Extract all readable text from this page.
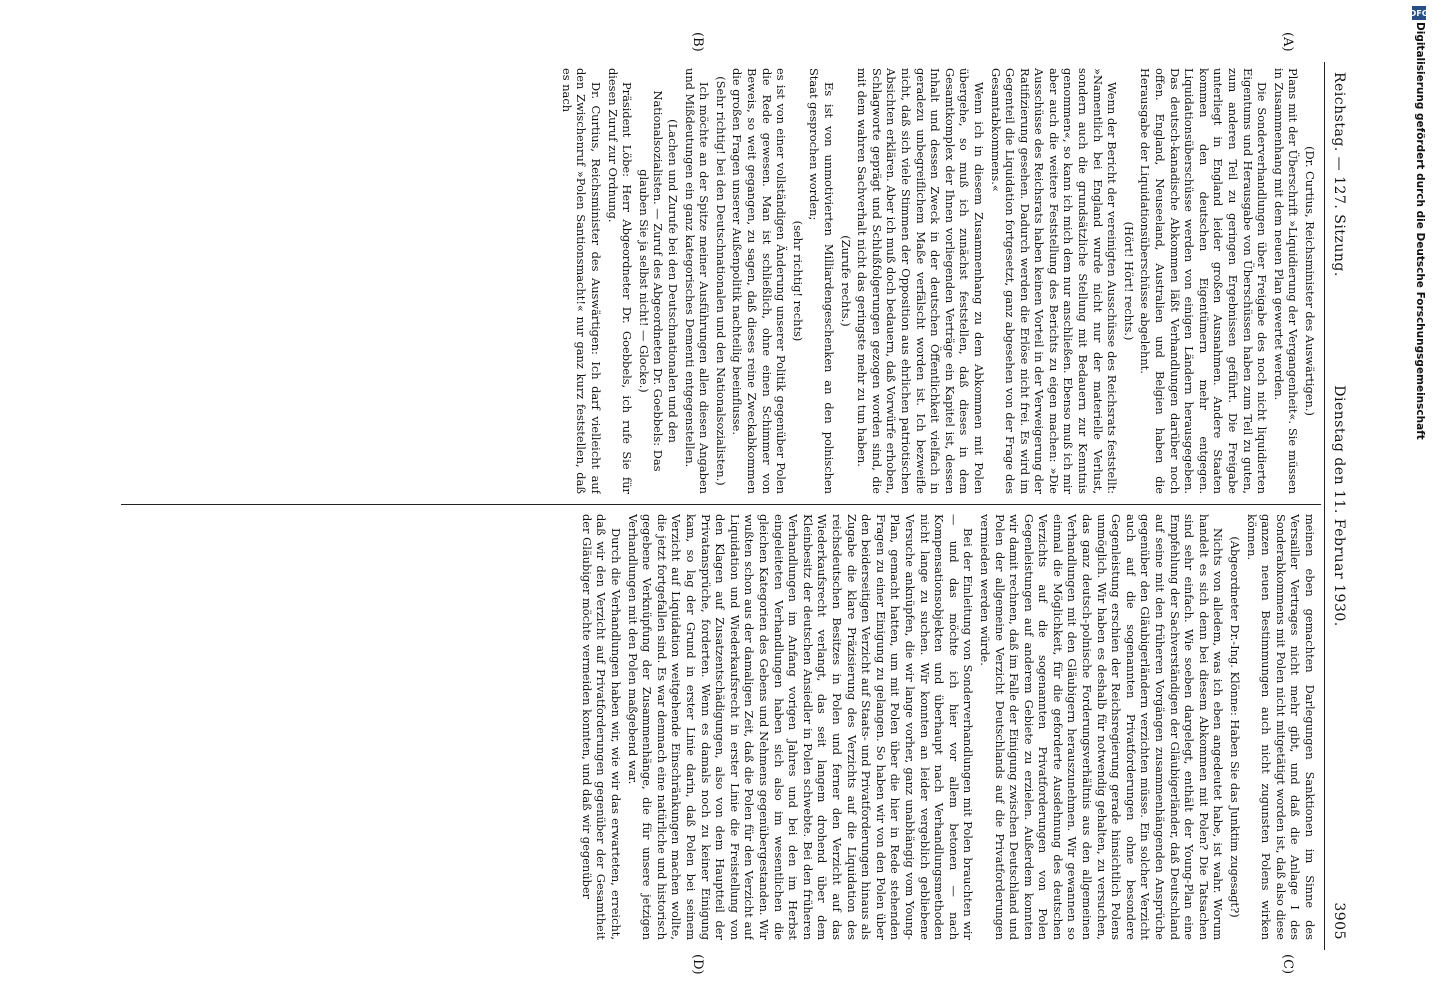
Reichstag. — 127. Sitzung.
Dienstag den 11. Februar 1930.
3905
(A)
(B)
(C)
(D)

(Dr. Curtius, Reichsminister des Auswärtigen.)

Plans mit der Überschrift »Liquidierung der Vergangenheit«. Sie müssen in Zusammenhang mit dem neuen Plan gewertet werden.

Die Sonderverhandlungen über Freigabe des noch nicht liquidierten Eigentums und Herausgabe von Überschüssen haben zum Teil zu guten, zum anderen Teil zu geringen Ergebnissen geführt. Die Freigabe unterliegt in England leider großen Ausnahmen. Andere Staaten kommen den deutschen Eigentümern mehr entgegen. Liquidationsüberschüsse werden von einigen Ländern herausgegeben. Das deutsch-kanadische Abkommen läßt Verhandlungen darüber noch offen. England, Neuseeland, Australien und Belgien haben die Herausgabe der Liquidationsüberschüsse abgelehnt.

(Hört! Hört! rechts.)

Wenn der Bericht der vereinigten Ausschüsse des Reichsrats feststellt: »Namentlich bei England wurde nicht nur der materielle Verlust, sondern auch die grundsätzliche Stellung mit Bedauern zur Kenntnis genommen«, so kann ich mich dem nur anschließen. Ebenso muß ich mir aber auch die weitere Feststellung des Berichts zu eigen machen: »Die Ausschüsse des Reichsrats haben keinen Vorteil in der Verweigerung der Ratifizierung gesehen. Dadurch werden die Erlöse nicht frei. Es wird im Gegenteil die Liquidation fortgesetzt, ganz abgesehen von der Frage des Gesamtabkommens.«

Wenn ich in diesem Zusammenhang zu dem Abkommen mit Polen übergehe, so muß ich zunächst feststellen, daß dieses in dem Gesamtkomplex der Ihnen vorliegenden Verträge ein Kapitel ist, dessen Inhalt und dessen Zweck in der deutschen Öffentlichkeit vielfach in geradezu unbegreiflichem Maße verfälscht worden ist. Ich bezweifle nicht, daß sich viele Stimmen der Opposition aus ehrlichen patriotischen Absichten erklären. Aber ich muß doch bedauern, daß Vorwürfe erhoben, Schlagworte geprägt und Schlußfolgerungen gezogen worden sind, die mit dem wahren Sachverhalt nicht das geringste mehr zu tun haben.

(Zurufe rechts.)

Es ist von unmotivierten Milliardengeschenken an den polnischen Staat gesprochen worden;

(sehr richtig! rechts)

es ist von einer vollständigen Änderung unserer Politik gegenüber Polen die Rede gewesen. Man ist schließlich, ohne einen Schimmer von Beweis, so weit gegangen, zu sagen, daß dieses reine Zweckabkommen die großen Fragen unserer Außenpolitik nachteilig beeinflusse.

(Sehr richtig! bei den Deutschnationalen und den Nationalsozialisten.)

Ich möchte an der Spitze meiner Ausführungen allen diesen Angaben und Mißdeutungen ein ganz kategorisches Dementi entgegenstellen.

(Lachen und Zurufe bei den Deutschnationalen und den Nationalsozialisten. — Zuruf des Abgeordneten Dr. Goebbels: Das glauben Sie ja selbst nicht! — Glocke.)

Präsident Löbe: Herr Abgeordneter Dr. Goebbels, ich rufe Sie für diesen Zuruf zur Ordnung.

Dr. Curtius, Reichsminister des Auswärtigen: Ich darf vielleicht auf den Zwischenruf »Polen Santionsmacht!« nur ganz kurz feststellen, daß es nach

meinen eben gemachten Darlegungen Sanktionen im Sinne des Versailler Vertrages nicht mehr gibt, und daß die Anlage I des Sonderabkommens mit Polen nicht mitgetätigt worden ist, daß also diese ganzen neuen Bestimmungen auch nicht zugunsten Polens wirken können.

(Abgeordneter Dr.-Ing. Klönne: Haben Sie das Junktim zugesagt?)

Nichts von alledem, was ich eben angedeutet habe, ist wahr. Worum handelt es sich denn bei diesem Abkommen mit Polen? Die Tatsachen sind sehr einfach. Wie soeben dargelegt, enthält der Young-Plan eine Empfehlung der Sachverständigen der Gläubigerländer, daß Deutschland auf seine mit den früheren Vorgängen zusammenhängenden Ansprüche gegenüber den Gläubigerländern verzichten müsse. Ein solcher Verzicht auch auf die sogenannten Privatforderungen ohne besondere Gegenleistung erschien der Reichsregierung gerade hinsichtlich Polens unmöglich. Wir haben es deshalb für notwendig gehalten, zu versuchen, das ganz deutsch-polnische Forderungsverhältnis aus den allgemeinen Verhandlungen mit den Gläubigern herauszunehmen. Wir gewannen so einmal die Möglichkeit, für die geforderte Ausdehnung des deutschen Verzichts auf die sogenannten Privatforderungen von Polen Gegenleistungen auf anderem Gebiete zu erzielen. Außerdem konnten wir damit rechnen, daß im Falle der Einigung zwischen Deutschland und Polen der allgemeine Verzicht Deutschlands auf die Privatforderungen vermieden werden würde.

Bei der Einleitung von Sonderverhandlungen mit Polen brauchten wir — und das möchte ich hier vor allem betonen — nach Kompensationsobjekten und überhaupt nach Verhandlungsmethoden nicht lange zu suchen. Wir konnten an leider vergeblich gebliebene Versuche anknüpfen, die wir lange vorher, ganz unabhängig vom Young-Plan, gemacht hatten, um mit Polen über die hier in Rede stehenden Fragen zu einer Einigung zu gelangen. So haben wir von den Polen über den beiderseitigen Verzicht auf Staats- und Privatforderungen hinaus als Zugabe die klare Präzisierung des Verzichts auf die Liquidation des reichsdeutschen Besitzes in Polen und ferner den Verzicht auf das Wiederkaufsrecht verlangt, das seit langem drohend über dem Kleinbesitz der deutschen Ansiedler in Polen schwebte. Bei den früheren Verhandlungen im Anfang vorigen Jahres und bei den im Herbst eingeleiteten Verhandlungen haben sich also im wesentlichen die gleichen Kategorien des Gebens und Nehmens gegenübergestanden. Wir wußten schon aus der damaligen Zeit, daß die Polen für den Verzicht auf Liquidation und Wiederkaufsrecht in erster Linie die Freistellung von den Klagen auf Zusatzentschädigungen, also von dem Hauptteil der Privatansprüche, forderten. Wenn es damals noch zu keiner Einigung kam, so lag der Grund in erster Linie darin, daß Polen bei seinem Verzicht auf Liquidation weitgehende Einschränkungen machen wollte, die jetzt fortgefallen sind. Es war demnach eine natürliche und historisch gegebene Verknüpfung der Zusammenhänge, die für unsere jetzigen Verhandlungen mit den Polen maßgebend war.

Durch die Verhandlungen haben wir, wie wir das erwarteten, erreicht, daß wir den Verzicht auf Privatforderungen gegenüber der Gesamtheit der Gläubiger möchte vermeiden konnten, und daß wir gegenüber

DFG
Digitalisierung gefördert durch die Deutsche Forschungsgemeinschaft
